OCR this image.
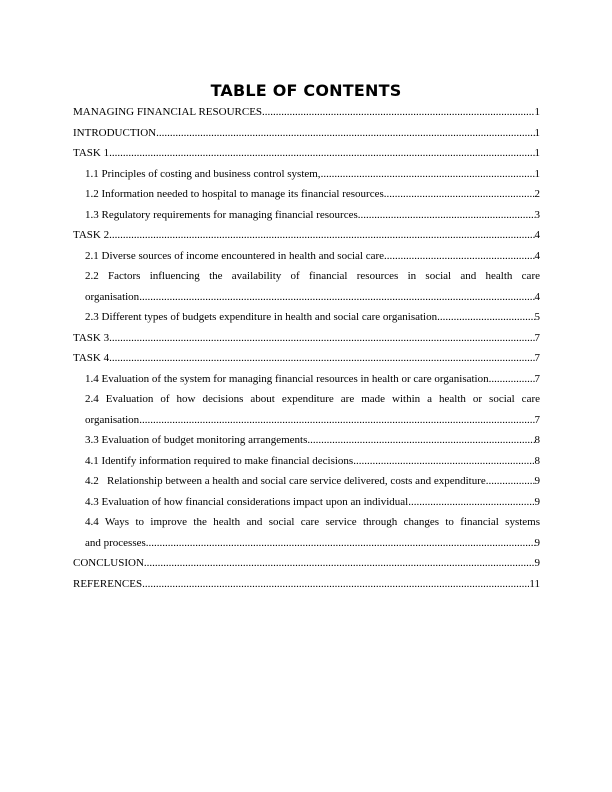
TABLE OF CONTENTS
MANAGING FINANCIAL RESOURCES .....	1
INTRODUCTION .....	1
TASK 1 .....	1
1.1 Principles of costing and business control system, .....	1
1.2 Information needed to hospital to manage its financial resources .....	2
1.3 Regulatory requirements for managing financial resources .....	3
TASK 2 .....	4
2.1 Diverse sources of income encountered in health and social care .....	4
2.2 Factors influencing the availability of financial resources in social and health care
organisation .....	4
2.3 Different types of budgets expenditure in health and social care organisation .....	5
TASK 3 .....	7
TASK 4 .....	7
1.4 Evaluation of the system for managing financial resources in health or care organisation .....	7
2.4 Evaluation of how decisions about expenditure are made within a health or social care
organisation .....	7
3.3 Evaluation of budget monitoring arrangements .....	8
4.1 Identify information required to make financial decisions .....	8
4.2   Relationship between a health and social care service delivered, costs and expenditure .....	9
4.3 Evaluation of how financial considerations impact upon an individual .....	9
4.4 Ways to improve the health and social care service through changes to financial systems
and processes .....	9
CONCLUSION .....	9
REFERENCES .....	11
